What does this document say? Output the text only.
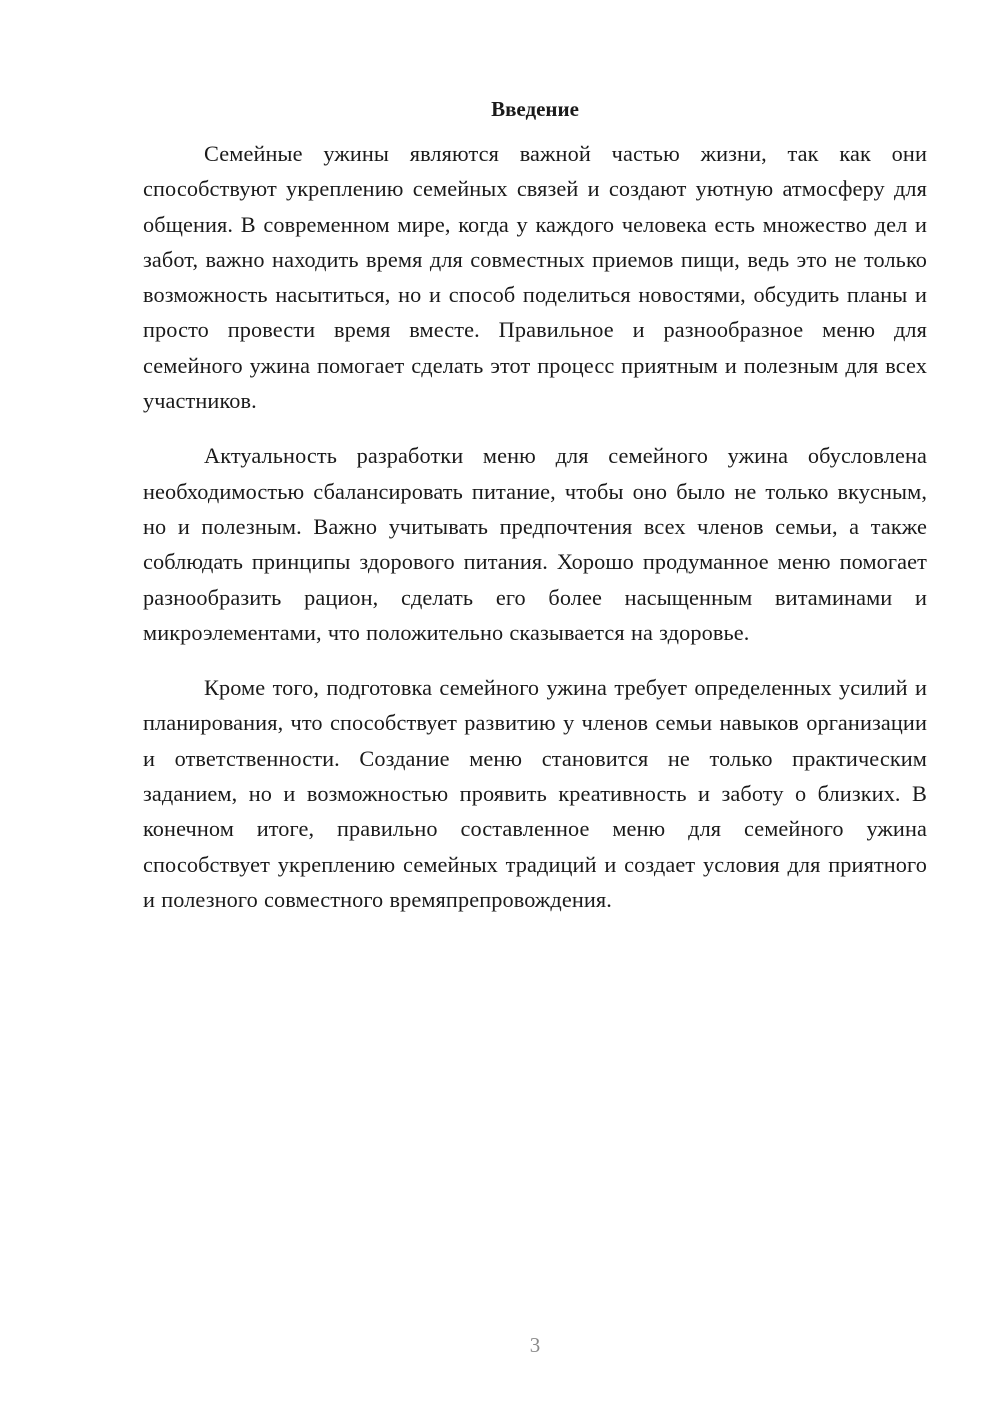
Введение

Семейные ужины являются важной частью жизни, так как они способствуют укреплению семейных связей и создают уютную атмосферу для общения. В современном мире, когда у каждого человека есть множество дел и забот, важно находить время для совместных приемов пищи, ведь это не только возможность насытиться, но и способ поделиться новостями, обсудить планы и просто провести время вместе. Правильное и разнообразное меню для семейного ужина помогает сделать этот процесс приятным и полезным для всех участников.

Актуальность разработки меню для семейного ужина обусловлена необходимостью сбалансировать питание, чтобы оно было не только вкусным, но и полезным. Важно учитывать предпочтения всех членов семьи, а также соблюдать принципы здорового питания. Хорошо продуманное меню помогает разнообразить рацион, сделать его более насыщенным витаминами и микроэлементами, что положительно сказывается на здоровье.

Кроме того, подготовка семейного ужина требует определенных усилий и планирования, что способствует развитию у членов семьи навыков организации и ответственности. Создание меню становится не только практическим заданием, но и возможностью проявить креативность и заботу о близких. В конечном итоге, правильно составленное меню для семейного ужина способствует укреплению семейных традиций и создает условия для приятного и полезного совместного времяпрепровождения.

3
